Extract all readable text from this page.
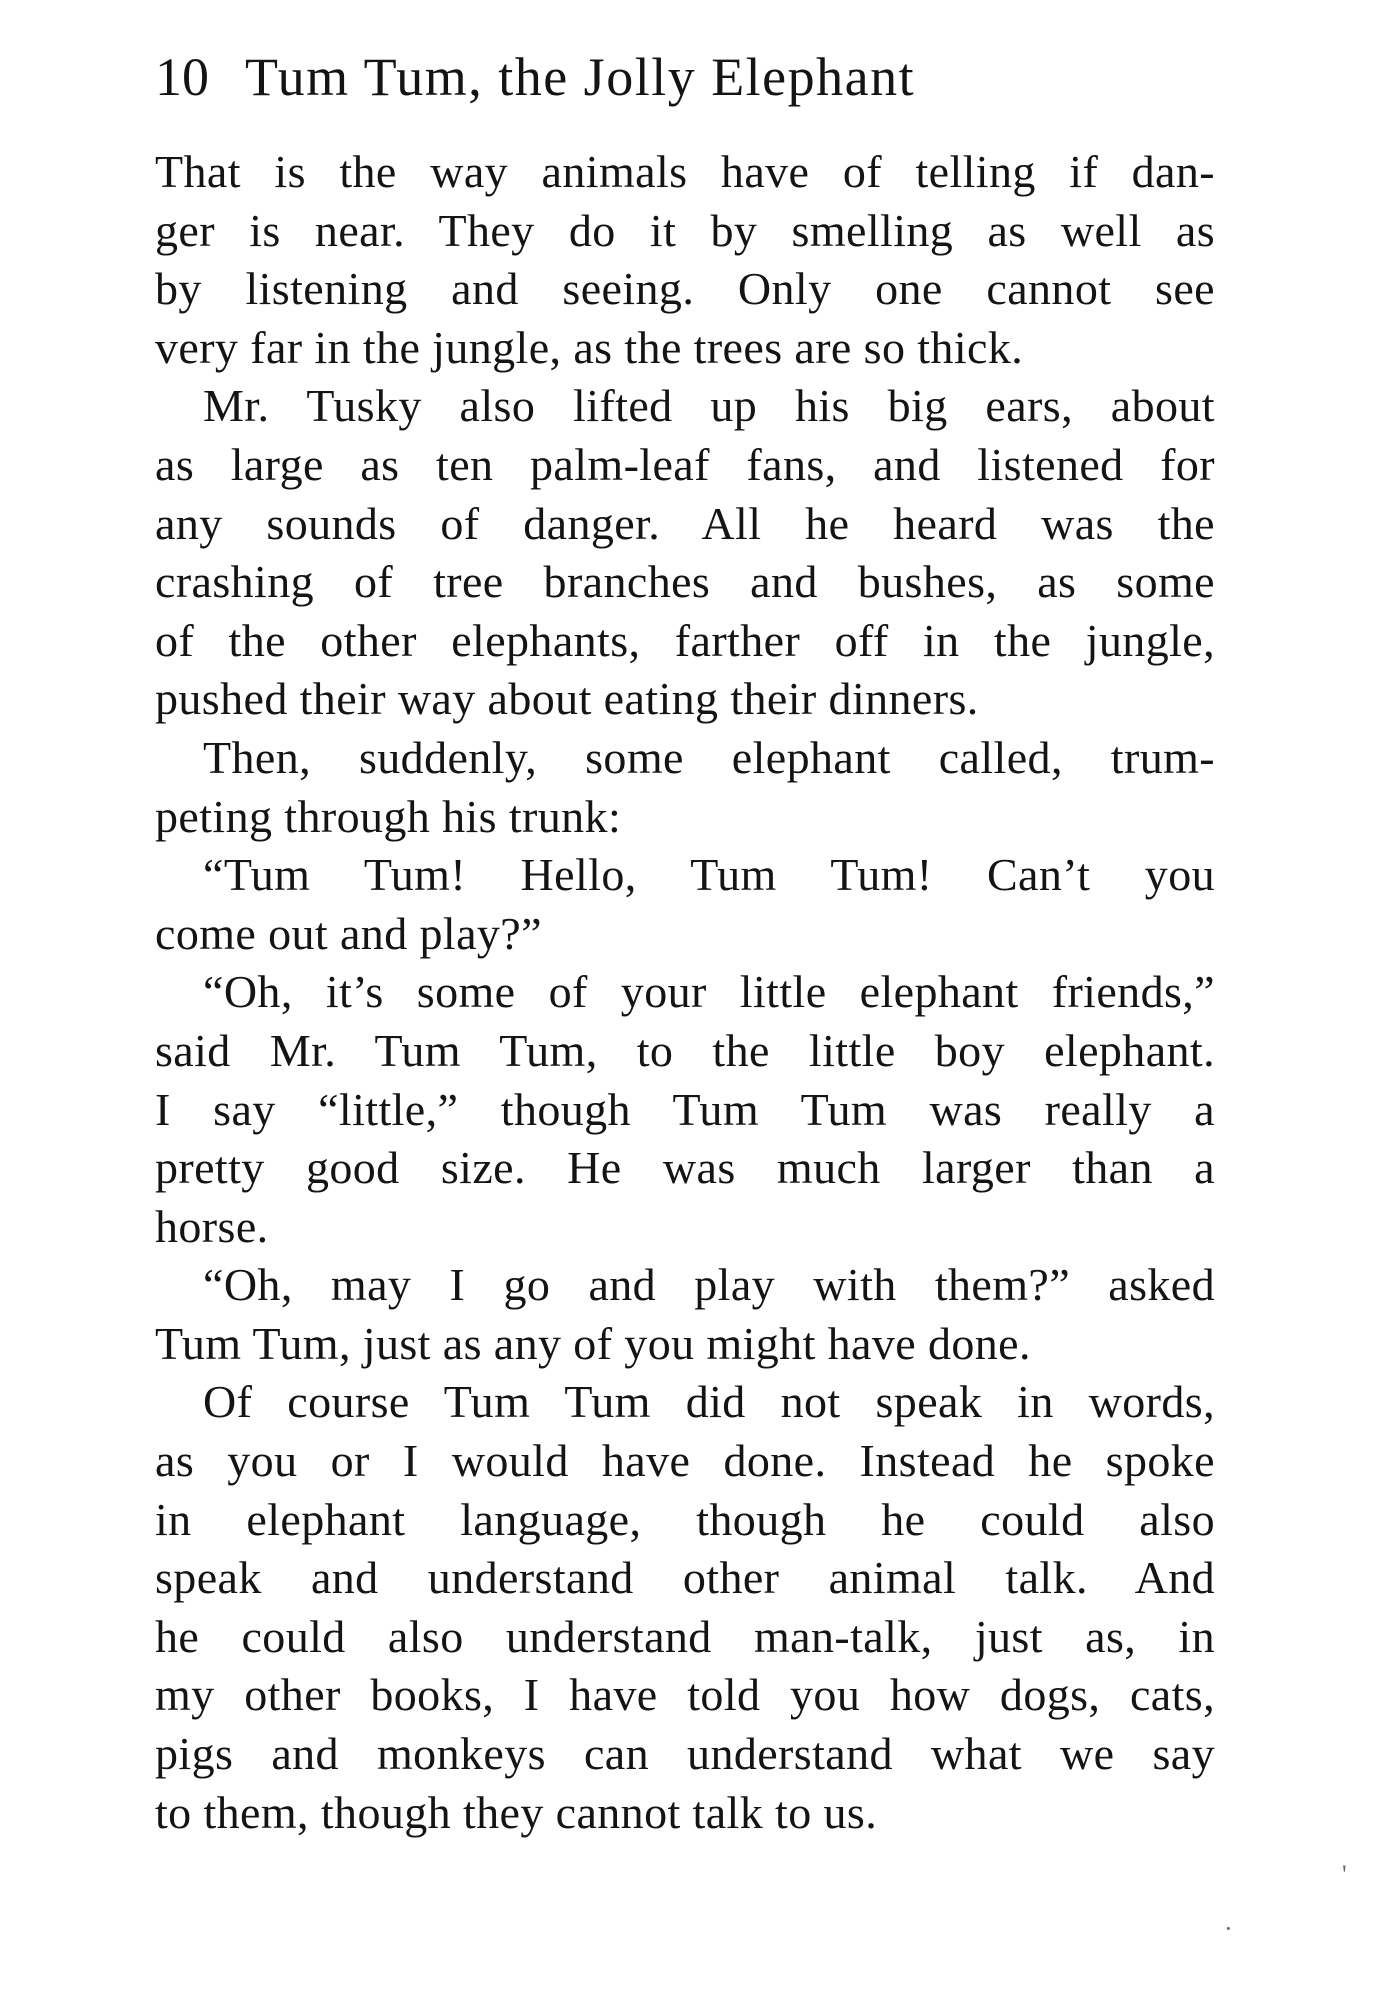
10 Tum Tum, the Jolly Elephant
That is the way animals have of telling if dan-
ger is near. They do it by smelling as well as
by listening and seeing. Only one cannot see
very far in the jungle, as the trees are so thick.
Mr. Tusky also lifted up his big ears, about
as large as ten palm-leaf fans, and listened for
any sounds of danger. All he heard was the
crashing of tree branches and bushes, as some
of the other elephants, farther off in the jungle,
pushed their way about eating their dinners.
Then, suddenly, some elephant called, trum-
peting through his trunk:
“Tum Tum! Hello, Tum Tum! Can’t you
come out and play?”
“Oh, it’s some of your little elephant friends,”
said Mr. Tum Tum, to the little boy elephant.
I say “little,” though Tum Tum was really a
pretty good size. He was much larger than a
horse.
“Oh, may I go and play with them?” asked
Tum Tum, just as any of you might have done.
Of course Tum Tum did not speak in words,
as you or I would have done. Instead he spoke
in elephant language, though he could also
speak and understand other animal talk. And
he could also understand man-talk, just as, in
my other books, I have told you how dogs, cats,
pigs and monkeys can understand what we say
to them, though they cannot talk to us.
·
'
